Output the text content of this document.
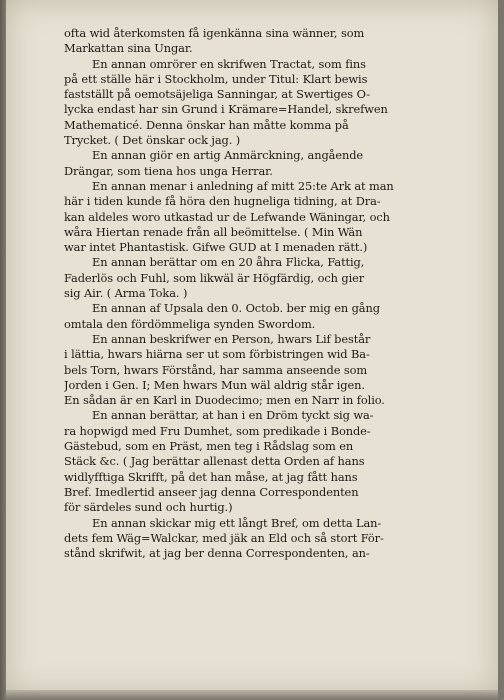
ofta wid återkomsten få igenkänna sina wänner, som
Markattan sina Ungar.
En annan omrörer en skrifwen Tractat, som fins
på ett ställe här i Stockholm, under Titul: Klart bewis
fastställt på oemotsäjeliga Sanningar, at Swertiges O-
lycka endast har sin Grund i Krämare=Handel, skrefwen
Mathematicé. Denna önskar han måtte komma på
Trycket. ( Det önskar ock jag. )
En annan giör en artig Anmärckning, angående
Drängar, som tiena hos unga Herrar.
En annan menar i anledning af mitt 25:te Ark at man
här i tiden kunde få höra den hugneliga tidning, at Dra-
kan aldeles woro utkastad ur de Lefwande Wäningar, och
wåra Hiertan renade från all beömittelse. ( Min Wän
war intet Phantastisk. Gifwe GUD at I menaden rätt.)
En annan berättar om en 20 åhra Flicka, Fattig,
Faderlös och Fuhl, som likwäl är Högfärdig, och gier
sig Air. ( Arma Toka. )
En annan af Upsala den 0. Octob. ber mig en gång
omtala den fördömmeliga synden Swordom.
En annan beskrifwer en Person, hwars Lif består
i lättia, hwars hiärna ser ut som förbistringen wid Ba-
bels Torn, hwars Förstånd, har samma anseende som
Jorden i Gen. I; Men hwars Mun wäl aldrig står igen.
En sådan är en Karl in Duodecimo; men en Narr in folio.
En annan berättar, at han i en Dröm tyckt sig wa-
ra hopwigd med Fru Dumhet, som predikade i Bonde-
Gästebud, som en Präst, men teg i Rådslag som en
Stäck &c. ( Jag berättar allenast detta Orden af hans
widlyfftiga Skrifft, på det han måse, at jag fått hans
Bref. Imedlertid anseer jag denna Correspondenten
för särdeles sund och hurtig.)
En annan skickar mig ett långt Bref, om detta Lan-
dets fem Wäg=Walckar, med jäk an Eld och så stort För-
stånd skrifwit, at jag ber denna Correspondenten, an-
